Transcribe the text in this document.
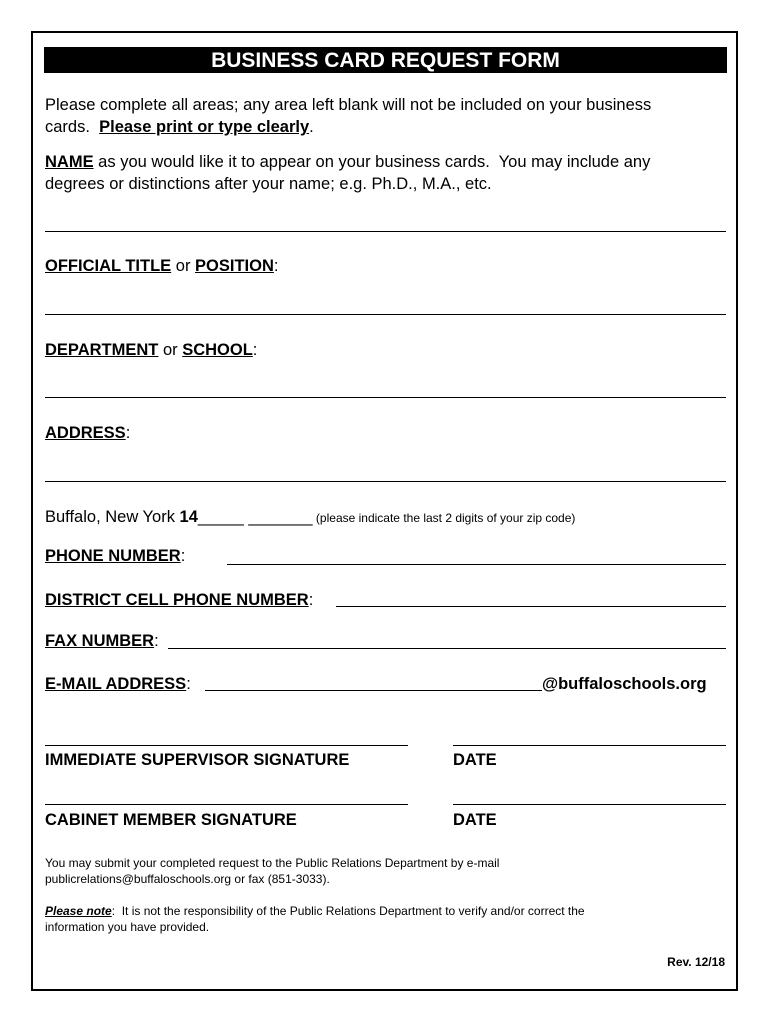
BUSINESS CARD REQUEST FORM
Please complete all areas; any area left blank will not be included on your business
cards.  Please print or type clearly.
NAME as you would like it to appear on your business cards.  You may include any
degrees or distinctions after your name; e.g. Ph.D., M.A., etc.
OFFICIAL TITLE or POSITION:
DEPARTMENT or SCHOOL:
ADDRESS:
Buffalo, New York 14_____ _______ (please indicate the last 2 digits of your zip code)
PHONE NUMBER:
DISTRICT CELL PHONE NUMBER:
FAX NUMBER:
E-MAIL ADDRESS:	@buffaloschools.org
IMMEDIATE SUPERVISOR SIGNATURE	DATE
CABINET MEMBER SIGNATURE	DATE
You may submit your completed request to the Public Relations Department by e-mail
publicrelations@buffaloschools.org or fax (851-3033).
Please note:  It is not the responsibility of the Public Relations Department to verify and/or correct the
information you have provided.
Rev. 12/18
